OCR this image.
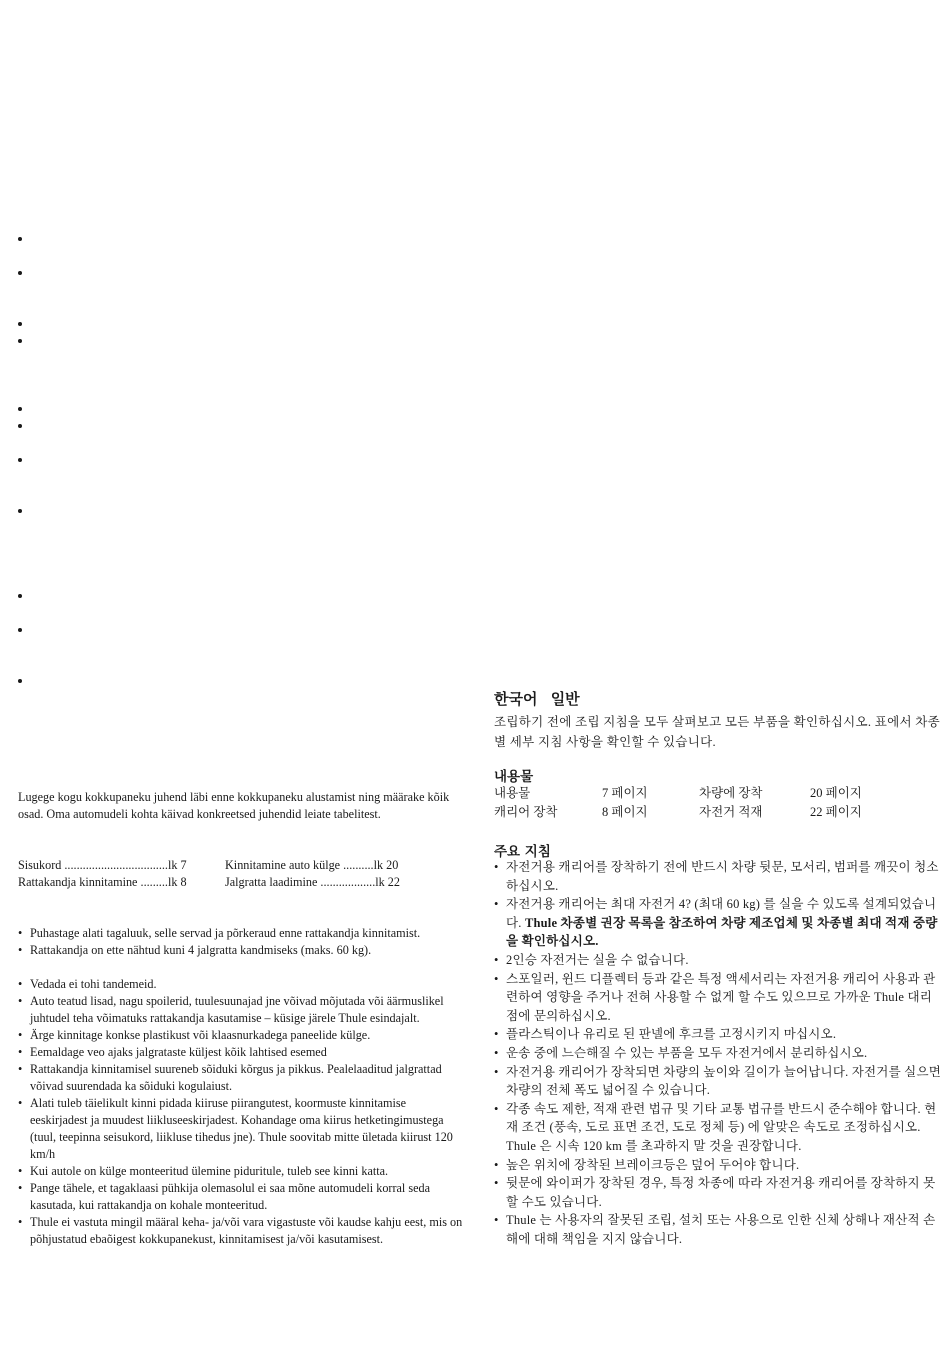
Lugege kogu kokkupaneku juhend läbi enne kokkupaneku alustamist ning määrake kõik osad. Oma automudeli kohta käivad konkreetsed juhendid leiate tabelitest.
Sisukord ..................................lk 7	Kinnitamine auto külge ..........lk 20
Rattakandja kinnitamine .........lk 8	Jalgratta laadimine ..................lk 22
• Puhastage alati tagaluuk, selle servad ja põrkeraud enne rattakandja kinnitamist.
• Rattakandja on ette nähtud kuni 4 jalgratta kandmiseks (maks. 60 kg).
• Vedada ei tohi tandemeid.
• Auto teatud lisad, nagu spoilerid, tuulesuunajad jne võivad mõjutada või äärmuslikel juhtudel teha võimatuks rattakandja kasutamise – küsige järele Thule esindajalt.
• Ärge kinnitage konkse plastikust või klaasnurkadega paneelide külge.
• Eemaldage veo ajaks jalgrataste küljest kõik lahtised esemed
• Rattakandja kinnitamisel suureneb sõiduki kõrgus ja pikkus. Pealelaaditud jalgrattad võivad suurendada ka sõiduki kogulaiust.
• Alati tuleb täielikult kinni pidada kiiruse piirangutest, koormuste kinnitamise eeskirjadest ja muudest liikluseeskirjadest. Kohandage oma kiirus hetketingimustega (tuul, teepinna seisukord, liikluse tihedus jne). Thule soovitab mitte ületada kiirust 120 km/h
• Kui autole on külge monteeritud ülemine piduritule, tuleb see kinni katta.
• Pange tähele, et tagaklaasi pühkija olemasolul ei saa mõne automudeli korral seda kasutada, kui rattakandja on kohale monteeritud.
• Thule ei vastuta mingil määral keha- ja/või vara vigastuste või kaudse kahju eest, mis on põhjustatud ebaõigest kokkupanekust, kinnitamisest ja/või kasutamisest.
한국어 일반
조립하기 전에 조립 지침을 모두 살펴보고 모든 부품을 확인하십시오. 표에서 차종별 세부 지침 사항을 확인할 수 있습니다.
내용물
내용물	7 페이지	차량에 장착	20 페이지
캐리어 장착	8 페이지	자전거 적재	22 페이지
주요 지침
• 자전거용 캐리어를 장착하기 전에 반드시 차량 뒷문, 모서리, 범퍼를 깨끗이 청소하십시오.
• 자전거용 캐리어는 최대 자전거 4? (최대 60 kg) 를 실을 수 있도록 설계되었습니다. Thule 차종별 권장 목록을 참조하여 차량 제조업체 및 차종별 최대 적재 중량을 확인하십시오.
• 2인승 자전거는 실을 수 없습니다.
• 스포일러, 윈드 디플렉터 등과 같은 특정 액세서리는 자전거용 캐리어 사용과 관련하여 영향을 주거나 전혀 사용할 수 없게 할 수도 있으므로 가까운 Thule 대리점에 문의하십시오.
• 플라스틱이나 유리로 된 판넬에 후크를 고정시키지 마십시오.
• 운송 중에 느슨해질 수 있는 부품을 모두 자전거에서 분리하십시오.
• 자전거용 캐리어가 장착되면 차량의 높이와 길이가 늘어납니다. 자전거를 실으면 차량의 전체 폭도 넓어질 수 있습니다.
• 각종 속도 제한, 적재 관련 법규 및 기타 교통 법규를 반드시 준수해야 합니다. 현재 조건 (풍속, 도로 표면 조건, 도로 정체 등) 에 알맞은 속도로 조정하십시오. Thule 은 시속 120 km 를 초과하지 말 것을 권장합니다.
• 높은 위치에 장착된 브레이크등은 덮어 두어야 합니다.
• 뒷문에 와이퍼가 장착된 경우, 특정 차종에 따라 자전거용 캐리어를 장착하지 못할 수도 있습니다.
• Thule 는 사용자의 잘못된 조립, 설치 또는 사용으로 인한 신체 상해나 재산적 손해에 대해 책임을 지지 않습니다.
